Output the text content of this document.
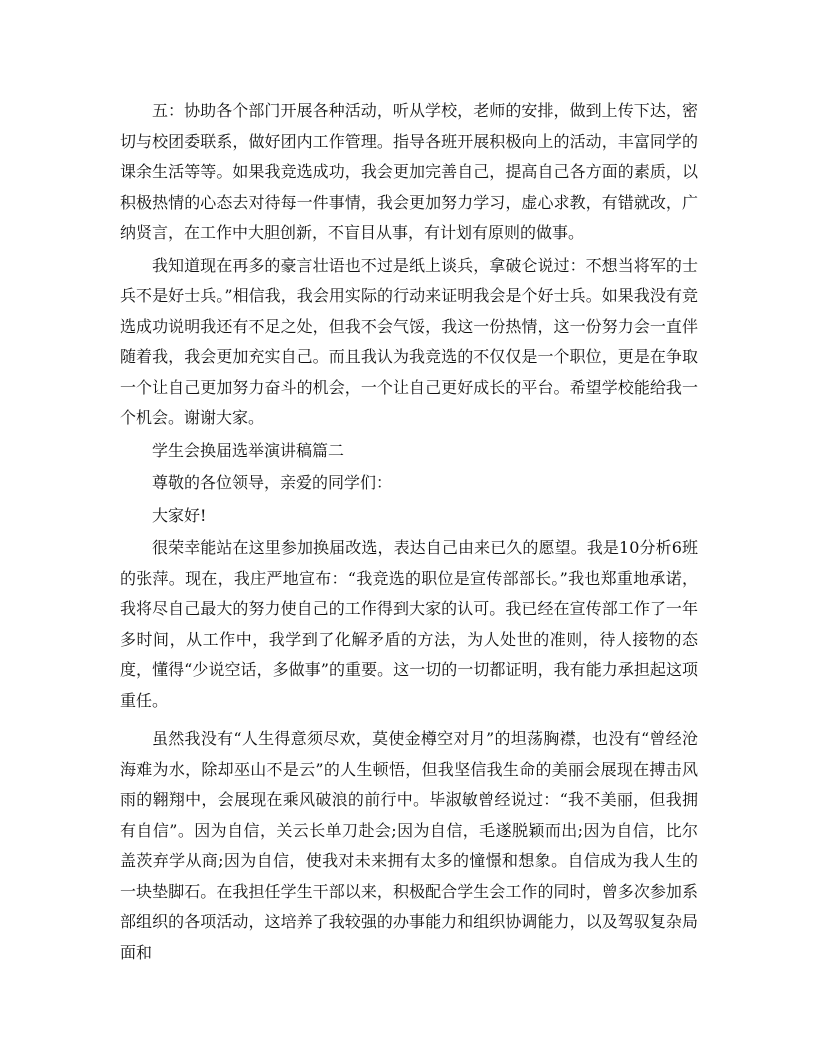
五：协助各个部门开展各种活动，听从学校，老师的安排，做到上传下达，密切与校团委联系，做好团内工作管理。指导各班开展积极向上的活动，丰富同学的课余生活等等。如果我竞选成功，我会更加完善自己，提高自己各方面的素质，以积极热情的心态去对待每一件事情，我会更加努力学习，虚心求教，有错就改，广纳贤言，在工作中大胆创新，不盲目从事，有计划有原则的做事。

我知道现在再多的豪言壮语也不过是纸上谈兵，拿破仑说过：不想当将军的士兵不是好士兵。”相信我，我会用实际的行动来证明我会是个好士兵。如果我没有竞选成功说明我还有不足之处，但我不会气馁，我这一份热情，这一份努力会一直伴随着我，我会更加充实自己。而且我认为我竞选的不仅仅是一个职位，更是在争取一个让自己更加努力奋斗的机会，一个让自己更好成长的平台。希望学校能给我一个机会。谢谢大家。

学生会换届选举演讲稿篇二

尊敬的各位领导，亲爱的同学们：

大家好!

很荣幸能站在这里参加换届改选，表达自己由来已久的愿望。我是10分析6班的张萍。现在，我庄严地宣布：“我竞选的职位是宣传部部长。”我也郑重地承诺，我将尽自己最大的努力使自己的工作得到大家的认可。我已经在宣传部工作了一年多时间，从工作中，我学到了化解矛盾的方法，为人处世的准则，待人接物的态度，懂得“少说空话，多做事”的重要。这一切的一切都证明，我有能力承担起这项重任。

虽然我没有“人生得意须尽欢，莫使金樽空对月”的坦荡胸襟，也没有“曾经沧海难为水，除却巫山不是云”的人生顿悟，但我坚信我生命的美丽会展现在搏击风雨的翱翔中，会展现在乘风破浪的前行中。毕淑敏曾经说过：“我不美丽，但我拥有自信”。因为自信，关云长单刀赴会;因为自信，毛遂脱颖而出;因为自信，比尔盖茨弃学从商;因为自信，使我对未来拥有太多的憧憬和想象。自信成为我人生的一块垫脚石。在我担任学生干部以来，积极配合学生会工作的同时，曾多次参加系部组织的各项活动，这培养了我较强的办事能力和组织协调能力，以及驾驭复杂局面和
